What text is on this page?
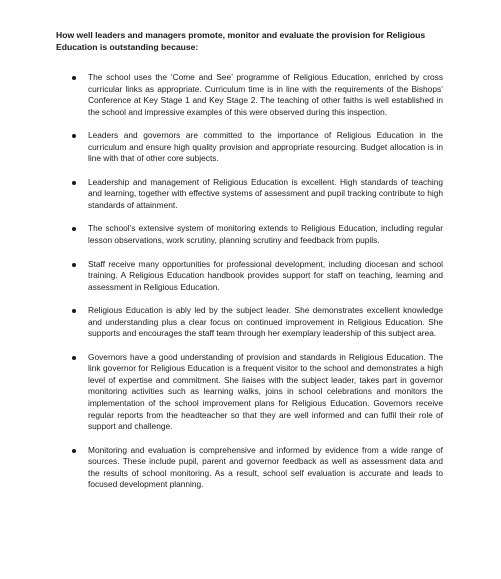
How well leaders and managers promote, monitor and evaluate the provision for Religious Education is outstanding because:

The school uses the ‘Come and See’ programme of Religious Education, enriched by cross curricular links as appropriate. Curriculum time is in line with the requirements of the Bishops’ Conference at Key Stage 1 and Key Stage 2. The teaching of other faiths is well established in the school and impressive examples of this were observed during this inspection.
Leaders and governors are committed to the importance of Religious Education in the curriculum and ensure high quality provision and appropriate resourcing. Budget allocation is in line with that of other core subjects.
Leadership and management of Religious Education is excellent. High standards of teaching and learning, together with effective systems of assessment and pupil tracking contribute to high standards of attainment.
The school’s extensive system of monitoring extends to Religious Education, including regular lesson observations, work scrutiny, planning scrutiny and feedback from pupils.
Staff receive many opportunities for professional development, including diocesan and school training. A Religious Education handbook provides support for staff on teaching, learning and assessment in Religious Education.
Religious Education is ably led by the subject leader. She demonstrates excellent knowledge and understanding plus a clear focus on continued improvement in Religious Education. She supports and encourages the staff team through her exemplary leadership of this subject area.
Governors have a good understanding of provision and standards in Religious Education. The link governor for Religious Education is a frequent visitor to the school and demonstrates a high level of expertise and commitment. She liaises with the subject leader, takes part in governor monitoring activities such as learning walks, joins in school celebrations and monitors the implementation of the school improvement plans for Religious Education. Governors receive regular reports from the headteacher so that they are well informed and can fulfil their role of support and challenge.
Monitoring and evaluation is comprehensive and informed by evidence from a wide range of sources. These include pupil, parent and governor feedback as well as assessment data and the results of school monitoring. As a result, school self evaluation is accurate and leads to focused development planning.
